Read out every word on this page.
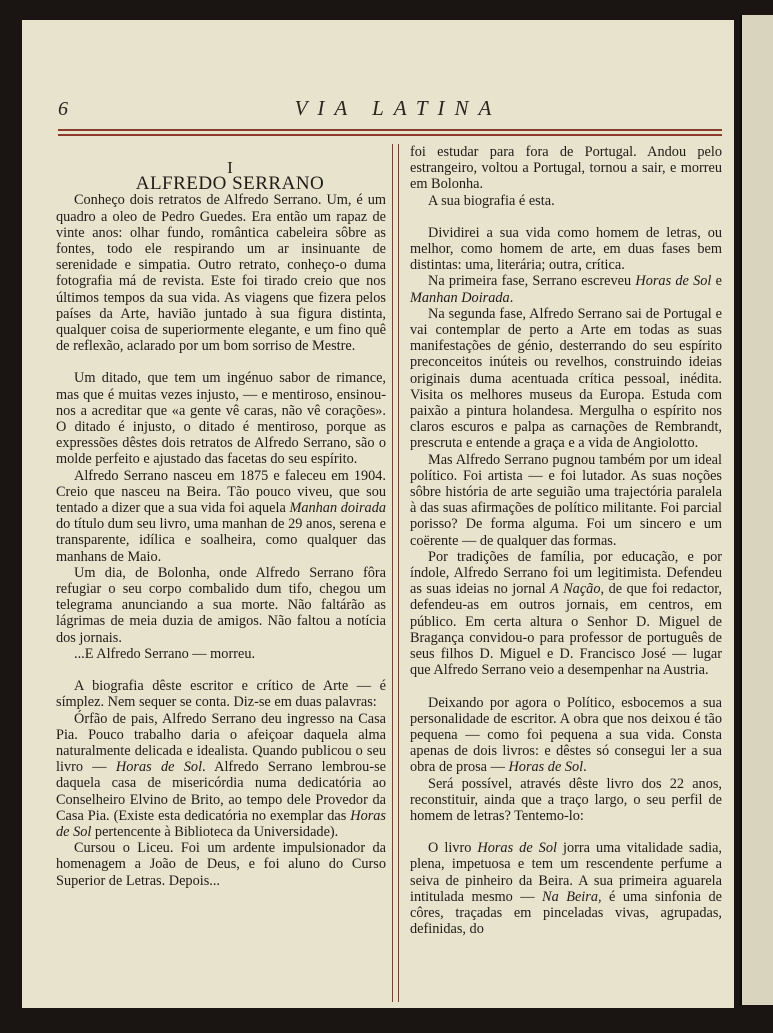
6	VIA LATINA

I

ALFREDO SERRANO

Conheço dois retratos de Alfredo Serrano. Um, é um quadro a oleo de Pedro Guedes. Era então um rapaz de vinte anos: olhar fundo, romântica cabeleira sôbre as fontes, todo ele respirando um ar insinuante de serenidade e simpatia. Outro retrato, conheço-o duma fotografia má de revista. Este foi tirado creio que nos últimos tempos da sua vida. As viagens que fizera pelos países da Arte, havião juntado à sua figura distinta, qualquer coisa de superiormente elegante, e um fino quê de reflexão, aclarado por um bom sorriso de Mestre.

Um ditado, que tem um ingénuo sabor de rimance, mas que é muitas vezes injusto, — e mentiroso, ensinou-nos a acreditar que «a gente vê caras, não vê corações». O ditado é injusto, o ditado é mentiroso, porque as expressões dêstes dois retratos de Alfredo Serrano, são o molde perfeito e ajustado das facetas do seu espírito.

Alfredo Serrano nasceu em 1875 e faleceu em 1904. Creio que nasceu na Beira. Tão pouco viveu, que sou tentado a dizer que a sua vida foi aquela Manhan doirada do título dum seu livro, uma manhan de 29 anos, serena e transparente, idílica e soalheira, como qualquer das manhans de Maio.

Um dia, de Bolonha, onde Alfredo Serrano fôra refugiar o seu corpo combalido dum tifo, chegou um telegrama anunciando a sua morte. Não faltárão as lágrimas de meia duzia de amigos. Não faltou a notícia dos jornais.

...E Alfredo Serrano — morreu.

A biografia dêste escritor e crítico de Arte — é símplez. Nem sequer se conta. Diz-se em duas palavras:

Órfão de pais, Alfredo Serrano deu ingresso na Casa Pia. Pouco trabalho daria o afeiçoar daquela alma naturalmente delicada e idealista. Quando publicou o seu livro — Horas de Sol. Alfredo Serrano lembrou-se daquela casa de misericórdia numa dedicatória ao Conselheiro Elvino de Brito, ao tempo dele Provedor da Casa Pia. (Existe esta dedicatória no exemplar das Horas de Sol pertencente à Biblioteca da Universidade).

Cursou o Liceu. Foi um ardente impulsionador da homenagem a João de Deus, e foi aluno do Curso Superior de Letras. Depois...

foi estudar para fora de Portugal. Andou pelo estrangeiro, voltou a Portugal, tornou a sair, e morreu em Bolonha.

A sua biografia é esta.

Dividirei a sua vida como homem de letras, ou melhor, como homem de arte, em duas fases bem distintas: uma, literária; outra, crítica.

Na primeira fase, Serrano escreveu Horas de Sol e Manhan Doirada.

Na segunda fase, Alfredo Serrano sai de Portugal e vai contemplar de perto a Arte em todas as suas manifestações de génio, desterrando do seu espírito preconceitos inúteis ou revelhos, construindo ideias originais duma acentuada crítica pessoal, inédita. Visita os melhores museus da Europa. Estuda com paixão a pintura holandesa. Mergulha o espírito nos claros escuros e palpa as carnações de Rembrandt, prescruta e entende a graça e a vida de Angiolotto.

Mas Alfredo Serrano pugnou também por um ideal político. Foi artista — e foi lutador. As suas noções sôbre história de arte seguião uma trajectória paralela à das suas afirmações de político militante. Foi parcial porisso? De forma alguma. Foi um sincero e um coërente — de qualquer das formas.

Por tradições de família, por educação, e por índole, Alfredo Serrano foi um legitimista. Defendeu as suas ideias no jornal A Nação, de que foi redactor, defendeu-as em outros jornais, em centros, em público. Em certa altura o Senhor D. Miguel de Bragança convidou-o para professor de português de seus filhos D. Miguel e D. Francisco José — lugar que Alfredo Serrano veio a desempenhar na Austria.

Deixando por agora o Político, esbocemos a sua personalidade de escritor. A obra que nos deixou é tão pequena — como foi pequena a sua vida. Consta apenas de dois livros: e dêstes só consegui ler a sua obra de prosa — Horas de Sol.

Será possível, através dêste livro dos 22 anos, reconstituir, ainda que a traço largo, o seu perfil de homem de letras? Tentemo-lo:

O livro Horas de Sol jorra uma vitalidade sadia, plena, impetuosa e tem um rescendente perfume a seiva de pinheiro da Beira. A sua primeira aguarela intitulada mesmo — Na Beira, é uma sinfonia de côres, traçadas em pinceladas vivas, agrupadas, definidas, do
